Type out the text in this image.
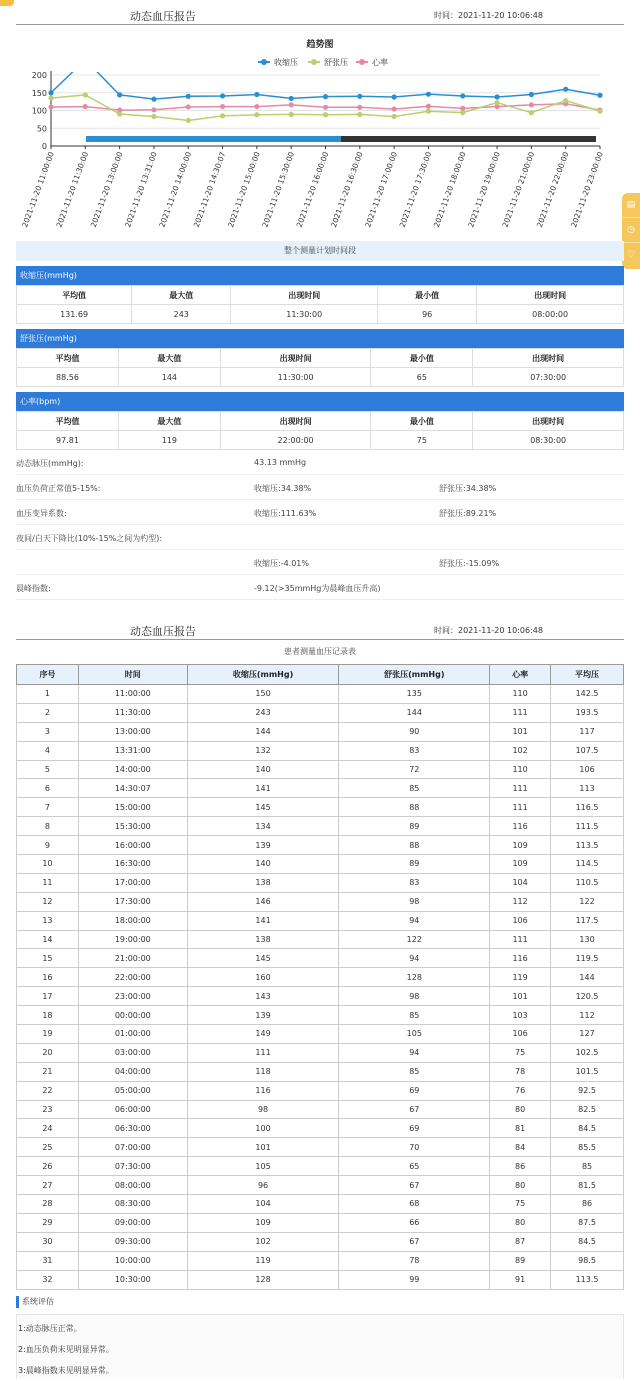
动态血压报告	时间：2021-11-20 10:06:48
趋势图
收缩压	舒张压	心率
0
50
100
150
200
2021-11-20 11:00:00
2021-11-20 11:30:00
2021-11-20 13:00:00
2021-11-20 13:31:00
2021-11-20 14:00:00
2021-11-20 14:30:07
2021-11-20 15:00:00
2021-11-20 15:30:00
2021-11-20 16:00:00
2021-11-20 16:30:00
2021-11-20 17:00:00
2021-11-20 17:30:00
2021-11-20 18:00:00
2021-11-20 19:00:00
2021-11-20 21:00:00
2021-11-20 22:00:00
2021-11-20 23:00:00	▤
◷
♡
整个测量计划时间段
收缩压(mmHg)
平均值	最大值	出现时间	最小值	出现时间
131.69	243	11:30:00	96	08:00:00
舒张压(mmHg)
平均值	最大值	出现时间	最小值	出现时间
88.56	144	11:30:00	65	07:30:00
心率(bpm)
平均值	最大值	出现时间	最小值	出现时间
97.81	119	22:00:00	75	08:30:00
动态脉压(mmHg):	43.13 mmHg
血压负荷正常值5-15%:	收缩压:34.38%	舒张压:34.38%
血压变异系数:	收缩压:111.63%	舒张压:89.21%
夜间/白天下降比(10%-15%之间为杓型):
收缩压:-4.01%	舒张压:-15.09%
晨峰指数:	-9.12(>35mmHg为晨峰血压升高)
动态血压报告	时间：2021-11-20 10:06:48
患者测量血压记录表
序号	时间	收缩压(mmHg)	舒张压(mmHg)	心率	平均压
1	11:00:00	150	135	110	142.5
2	11:30:00	243	144	111	193.5
3	13:00:00	144	90	101	117
4	13:31:00	132	83	102	107.5
5	14:00:00	140	72	110	106
6	14:30:07	141	85	111	113
7	15:00:00	145	88	111	116.5
8	15:30:00	134	89	116	111.5
9	16:00:00	139	88	109	113.5
10	16:30:00	140	89	109	114.5
11	17:00:00	138	83	104	110.5
12	17:30:00	146	98	112	122
13	18:00:00	141	94	106	117.5
14	19:00:00	138	122	111	130
15	21:00:00	145	94	116	119.5
16	22:00:00	160	128	119	144
17	23:00:00	143	98	101	120.5
18	00:00:00	139	85	103	112
19	01:00:00	149	105	106	127
20	03:00:00	111	94	75	102.5
21	04:00:00	118	85	78	101.5
22	05:00:00	116	69	76	92.5
23	06:00:00	98	67	80	82.5
24	06:30:00	100	69	81	84.5
25	07:00:00	101	70	84	85.5
26	07:30:00	105	65	86	85
27	08:00:00	96	67	80	81.5
28	08:30:00	104	68	75	86
29	09:00:00	109	66	80	87.5
30	09:30:00	102	67	87	84.5
31	10:00:00	119	78	89	98.5
32	10:30:00	128	99	91	113.5
系统评估
1:动态脉压正常。
2:血压负荷未见明显异常。
3:晨峰指数未见明显异常。
